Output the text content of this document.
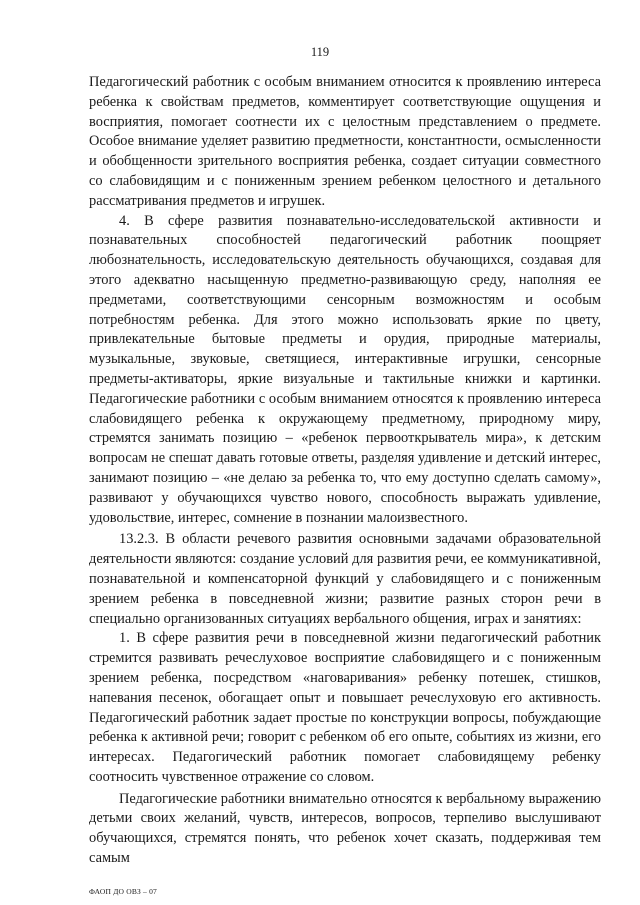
119

Педагогический работник с особым вниманием относится к проявлению интереса ребенка к свойствам предметов, комментирует соответствующие ощущения и восприятия, помогает соотнести их с целостным представлением о предмете. Особое внимание уделяет развитию предметности, константности, осмысленности и обобщенности зрительного восприятия ребенка, создает ситуации совместного со слабовидящим и с пониженным зрением ребенком целостного и детального рассматривания предметов и игрушек.

4. В сфере развития познавательно-исследовательской активности и познавательных способностей педагогический работник поощряет любознательность, исследовательскую деятельность обучающихся, создавая для этого адекватно насыщенную предметно-развивающую среду, наполняя ее предметами, соответствующими сенсорным возможностям и особым потребностям ребенка. Для этого можно использовать яркие по цвету, привлекательные бытовые предметы и орудия, природные материалы, музыкальные, звуковые, светящиеся, интерактивные игрушки, сенсорные предметы-активаторы, яркие визуальные и тактильные книжки и картинки. Педагогические работники с особым вниманием относятся к проявлению интереса слабовидящего ребенка к окружающему предметному, природному миру, стремятся занимать позицию – «ребенок первооткрыватель мира», к детским вопросам не спешат давать готовые ответы, разделяя удивление и детский интерес, занимают позицию – «не делаю за ребенка то, что ему доступно сделать самому», развивают у обучающихся чувство нового, способность выражать удивление, удовольствие, интерес, сомнение в познании малоизвестного.

13.2.3. В области речевого развития основными задачами образовательной деятельности являются: создание условий для развития речи, ее коммуникативной, познавательной и компенсаторной функций у слабовидящего и с пониженным зрением ребенка в повседневной жизни; развитие разных сторон речи в специально организованных ситуациях вербального общения, играх и занятиях:

1. В сфере развития речи в повседневной жизни педагогический работник стремится развивать речеслуховое восприятие слабовидящего и с пониженным зрением ребенка, посредством «наговаривания» ребенку потешек, стишков, напевания песенок, обогащает опыт и повышает речеслуховую его активность. Педагогический работник задает простые по конструкции вопросы, побуждающие ребенка к активной речи; говорит с ребенком об его опыте, событиях из жизни, его интересах. Педагогический работник помогает слабовидящему ребенку соотносить чувственное отражение со словом.

Педагогические работники внимательно относятся к вербальному выражению детьми своих желаний, чувств, интересов, вопросов, терпеливо выслушивают обучающихся, стремятся понять, что ребенок хочет сказать, поддерживая тем самым

ФАОП ДО ОВЗ – 07
